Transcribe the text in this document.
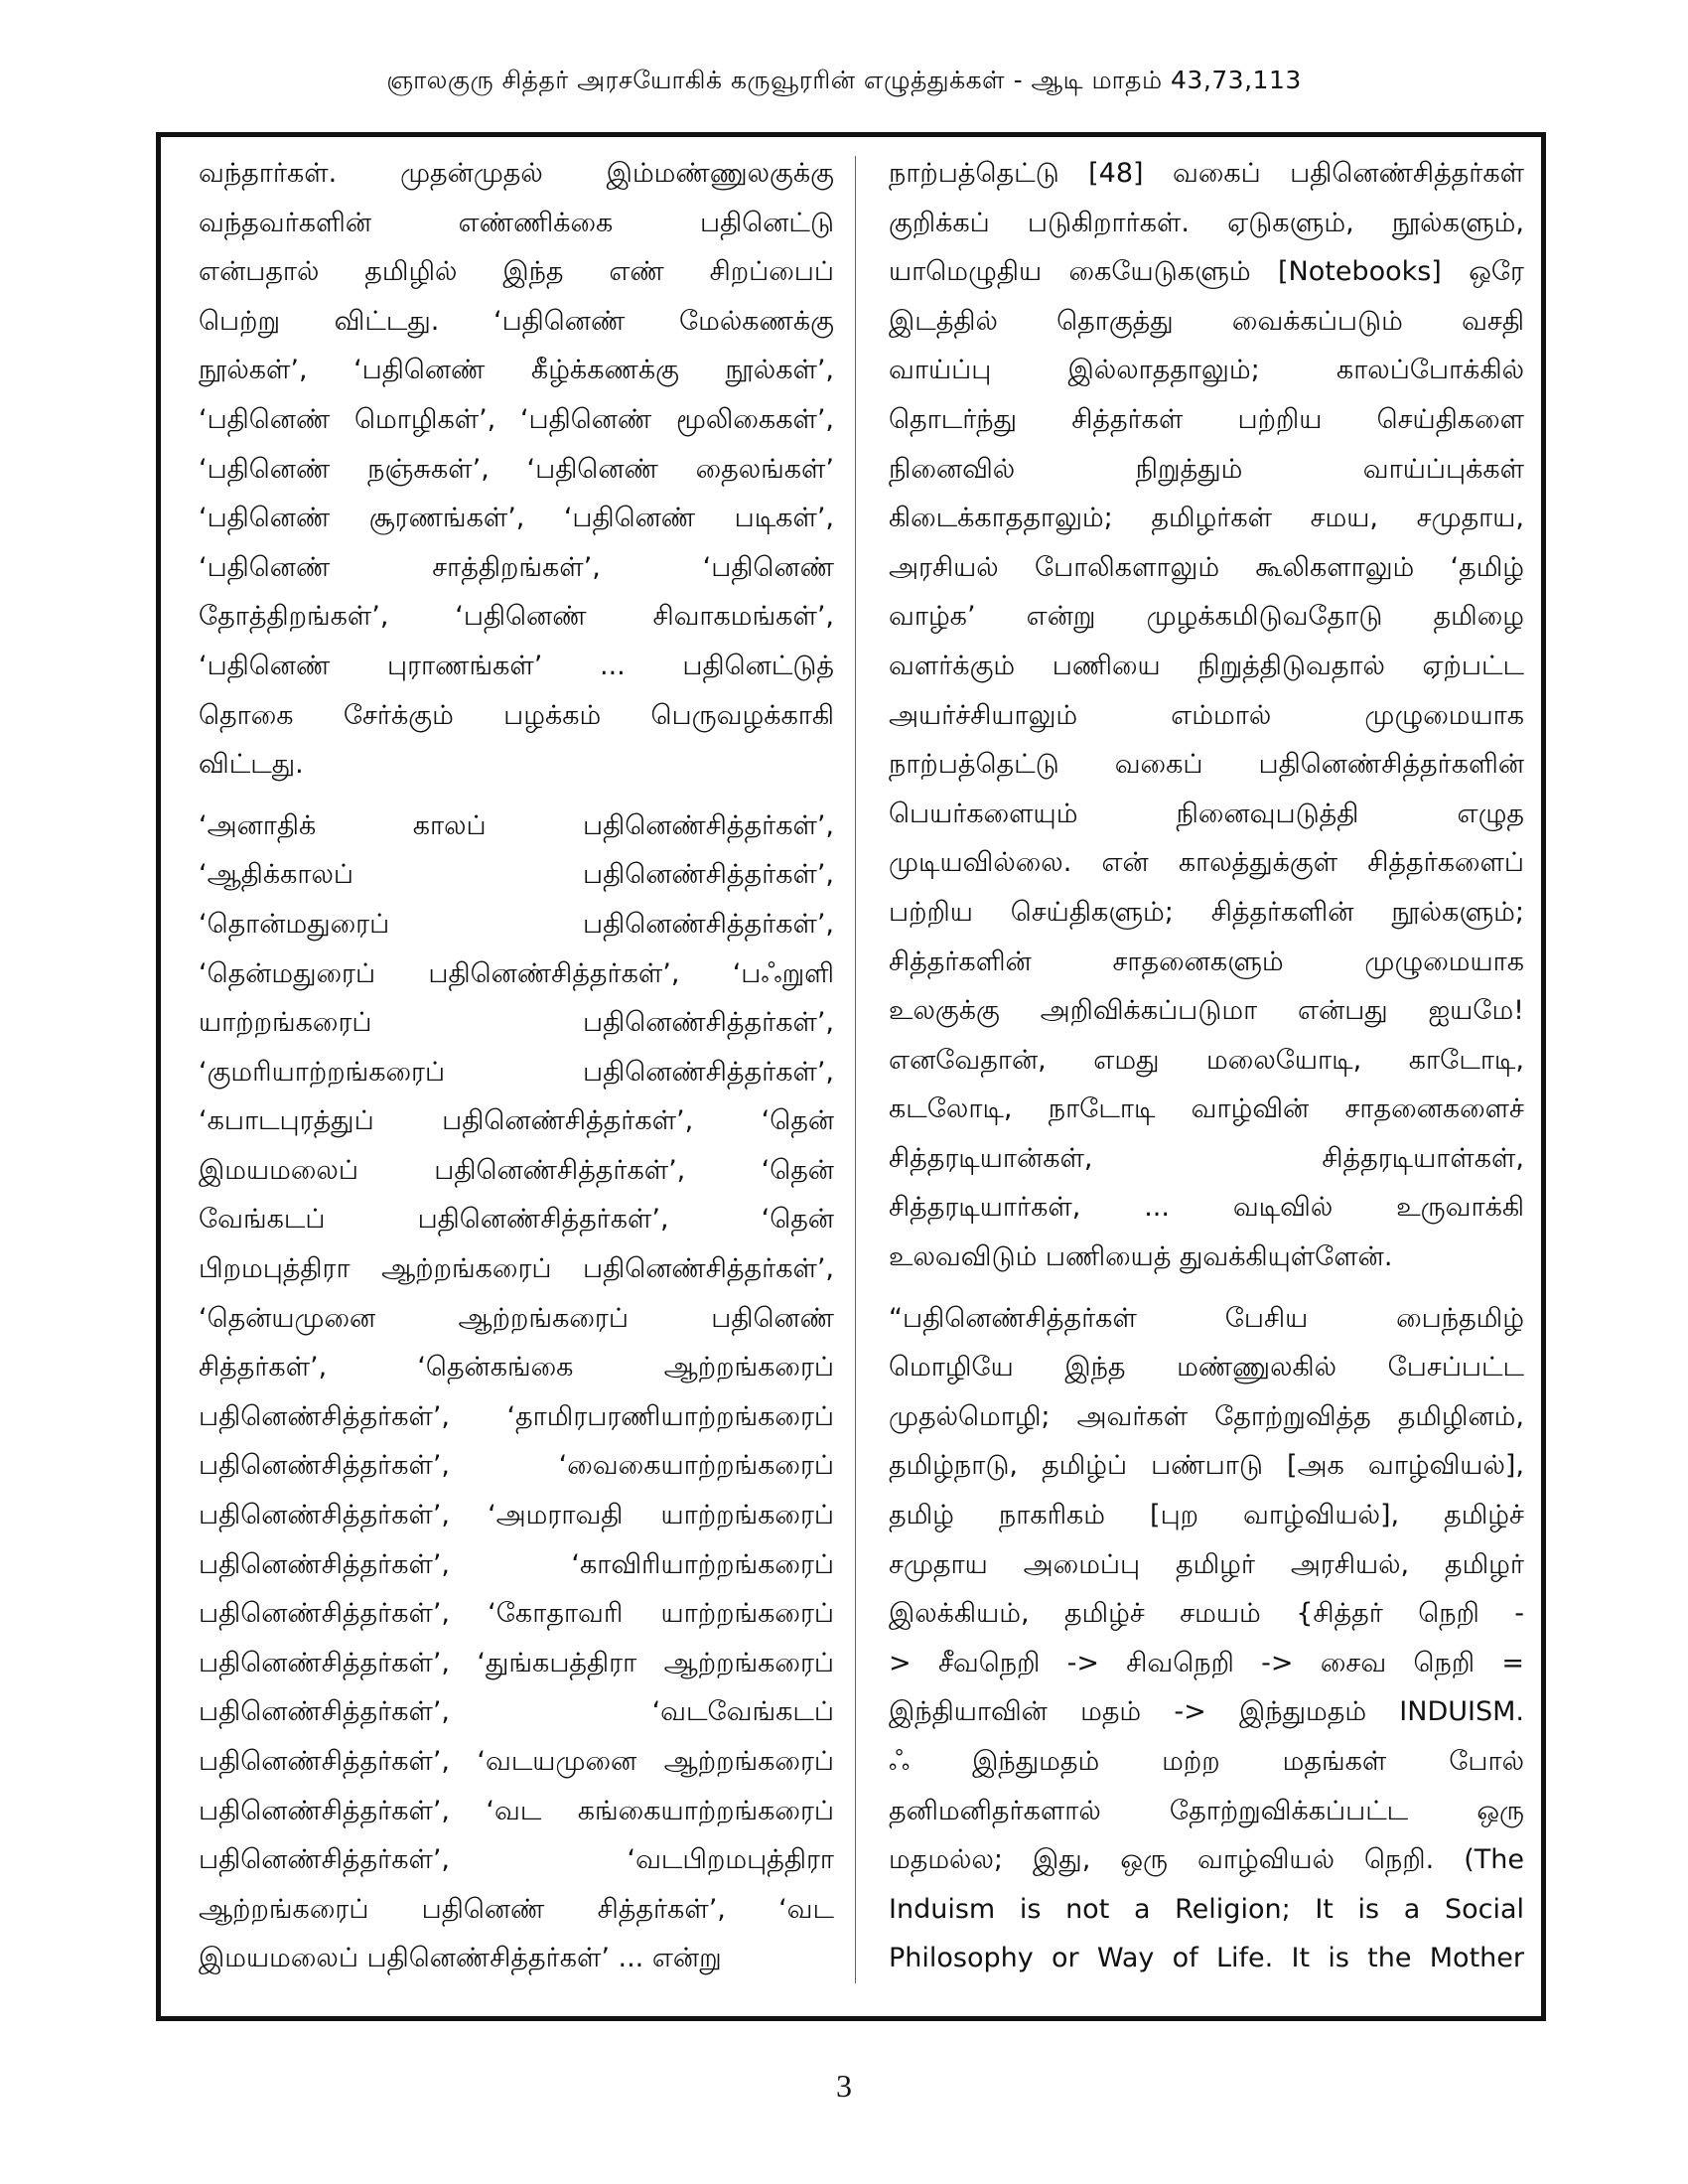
ஞாலகுரு சித்தர் அரசயோகிக் கருவூரரின் எழுத்துக்கள் - ஆடி மாதம் 43,73,113

வந்தார்கள். முதன்முதல் இம்மண்ணுலகுக்கு

வந்தவர்களின் எண்ணிக்கை பதினெட்டு

என்பதால் தமிழில் இந்த எண் சிறப்பைப்

பெற்று விட்டது. ‘பதினெண் மேல்கணக்கு

நூல்கள்’, ‘பதினெண் கீழ்க்கணக்கு நூல்கள்’,

‘பதினெண் மொழிகள்’, ‘பதினெண் மூலிகைகள்’,

‘பதினெண் நஞ்சுகள்’, ‘பதினெண் தைலங்கள்’

‘பதினெண் சூரணங்கள்’, ‘பதினெண் படிகள்’,

‘பதினெண் சாத்திறங்கள்’, ‘பதினெண்

தோத்திறங்கள்’, ‘பதினெண் சிவாகமங்கள்’,

‘பதினெண் புராணங்கள்’ ... பதினெட்டுத்

தொகை சேர்க்கும் பழக்கம் பெருவழக்காகி

விட்டது.

‘அனாதிக் காலப் பதினெண்சித்தர்கள்’,

‘ஆதிக்காலப் பதினெண்சித்தர்கள்’,

‘தொன்மதுரைப் பதினெண்சித்தர்கள்’,

‘தென்மதுரைப் பதினெண்சித்தர்கள்’, ‘பஃறுளி

யாற்றங்கரைப் பதினெண்சித்தர்கள்’,

‘குமரியாற்றங்கரைப் பதினெண்சித்தர்கள்’,

‘கபாடபுரத்துப் பதினெண்சித்தர்கள்’, ‘தென்

இமயமலைப் பதினெண்சித்தர்கள்’, ‘தென்

வேங்கடப் பதினெண்சித்தர்கள்’, ‘தென்

பிறமபுத்திரா ஆற்றங்கரைப் பதினெண்சித்தர்கள்’,

‘தென்யமுனை ஆற்றங்கரைப் பதினெண்

சித்தர்கள்’, ‘தென்கங்கை ஆற்றங்கரைப்

பதினெண்சித்தர்கள்’, ‘தாமிரபரணியாற்றங்கரைப்

பதினெண்சித்தர்கள்’, ‘வைகையாற்றங்கரைப்

பதினெண்சித்தர்கள்’, ‘அமராவதி யாற்றங்கரைப்

பதினெண்சித்தர்கள்’, ‘காவிரியாற்றங்கரைப்

பதினெண்சித்தர்கள்’, ‘கோதாவரி யாற்றங்கரைப்

பதினெண்சித்தர்கள்’, ‘துங்கபத்திரா ஆற்றங்கரைப்

பதினெண்சித்தர்கள்’, ‘வடவேங்கடப்

பதினெண்சித்தர்கள்’, ‘வடயமுனை ஆற்றங்கரைப்

பதினெண்சித்தர்கள்’, ‘வட கங்கையாற்றங்கரைப்

பதினெண்சித்தர்கள்’, ‘வடபிறமபுத்திரா

ஆற்றங்கரைப் பதினெண் சித்தர்கள்’, ‘வட

இமயமலைப் பதினெண்சித்தர்கள்’ ... என்று

நாற்பத்தெட்டு [48] வகைப் பதினெண்சித்தர்கள்

குறிக்கப் படுகிறார்கள். ஏடுகளும், நூல்களும்,

யாமெழுதிய கையேடுகளும் [Notebooks] ஒரே

இடத்தில் தொகுத்து வைக்கப்படும் வசதி

வாய்ப்பு இல்லாததாலும்; காலப்போக்கில்

தொடர்ந்து சித்தர்கள் பற்றிய செய்திகளை

நினைவில் நிறுத்தும் வாய்ப்புக்கள்

கிடைக்காததாலும்; தமிழர்கள் சமய, சமுதாய,

அரசியல் போலிகளாலும் கூலிகளாலும் ‘தமிழ்

வாழ்க’ என்று முழக்கமிடுவதோடு தமிழை

வளர்க்கும் பணியை நிறுத்திடுவதால் ஏற்பட்ட

அயர்ச்சியாலும் எம்மால் முழுமையாக

நாற்பத்தெட்டு வகைப் பதினெண்சித்தர்களின்

பெயர்களையும் நினைவுபடுத்தி எழுத

முடியவில்லை. என் காலத்துக்குள் சித்தர்களைப்

பற்றிய செய்திகளும்; சித்தர்களின் நூல்களும்;

சித்தர்களின் சாதனைகளும் முழுமையாக

உலகுக்கு அறிவிக்கப்படுமா என்பது ஐயமே!

எனவேதான், எமது மலையோடி, காடோடி,

கடலோடி, நாடோடி வாழ்வின் சாதனைகளைச்

சித்தரடியான்கள், சித்தரடியாள்கள்,

சித்தரடியார்கள், ... வடிவில் உருவாக்கி

உலவவிடும் பணியைத் துவக்கியுள்ளேன்.

“பதினெண்சித்தர்கள் பேசிய பைந்தமிழ்

மொழியே இந்த மண்ணுலகில் பேசப்பட்ட

முதல்மொழி; அவர்கள் தோற்றுவித்த தமிழினம்,

தமிழ்நாடு, தமிழ்ப் பண்பாடு [அக வாழ்வியல்],

தமிழ் நாகரிகம் [புற வாழ்வியல்], தமிழ்ச்

சமுதாய அமைப்பு தமிழர் அரசியல், தமிழர்

இலக்கியம், தமிழ்ச் சமயம் {சித்தர் நெறி -

> சீவநெறி -> சிவநெறி -> சைவ நெறி =

இந்தியாவின் மதம் -> இந்துமதம் INDUISM.

ஃ இந்துமதம் மற்ற மதங்கள் போல்

தனிமனிதர்களால் தோற்றுவிக்கப்பட்ட ஒரு

மதமல்ல; இது, ஒரு வாழ்வியல் நெறி. (The

Induism is not a Religion; It is a Social

Philosophy or Way of Life. It is the Mother

3
